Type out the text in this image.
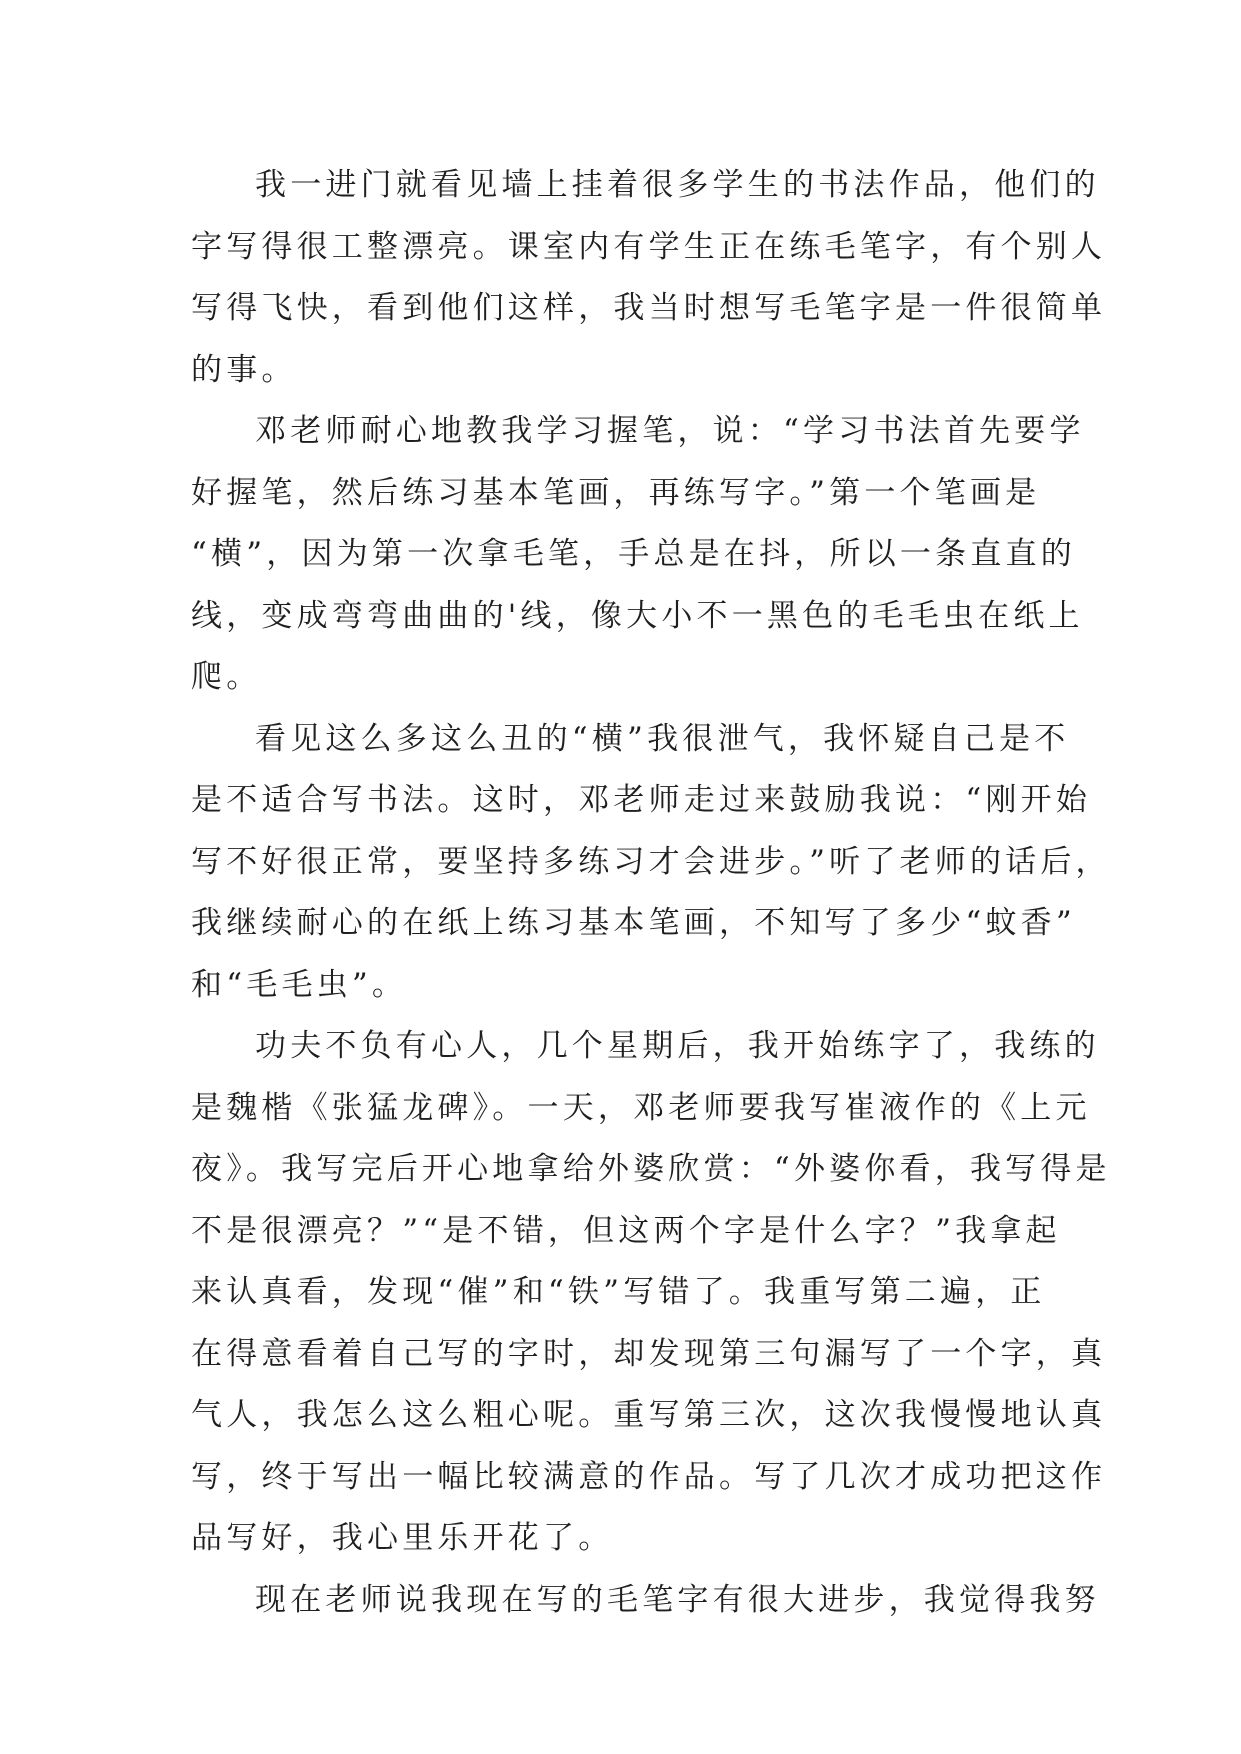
我一进门就看见墙上挂着很多学生的书法作品，他们的
字写得很工整漂亮。课室内有学生正在练毛笔字，有个别人
写得飞快，看到他们这样，我当时想写毛笔字是一件很简单
的事。
邓老师耐心地教我学习握笔，说：“学习书法首先要学
好握笔，然后练习基本笔画，再练写字。”第一个笔画是
“横”，因为第一次拿毛笔，手总是在抖，所以一条直直的
线，变成弯弯曲曲的'线，像大小不一黑色的毛毛虫在纸上
爬。
看见这么多这么丑的“横”我很泄气，我怀疑自己是不
是不适合写书法。这时，邓老师走过来鼓励我说：“刚开始
写不好很正常，要坚持多练习才会进步。”听了老师的话后，
我继续耐心的在纸上练习基本笔画，不知写了多少“蚊香”
和“毛毛虫”。
功夫不负有心人，几个星期后，我开始练字了，我练的
是魏楷《张猛龙碑》。一天，邓老师要我写崔液作的《上元
夜》。我写完后开心地拿给外婆欣赏：“外婆你看，我写得是
不是很漂亮？”“是不错，但这两个字是什么字？”我拿起
来认真看，发现“催”和“铁”写错了。我重写第二遍，正
在得意看着自己写的字时，却发现第三句漏写了一个字，真
气人，我怎么这么粗心呢。重写第三次，这次我慢慢地认真
写，终于写出一幅比较满意的作品。写了几次才成功把这作
品写好，我心里乐开花了。
现在老师说我现在写的毛笔字有很大进步，我觉得我努
